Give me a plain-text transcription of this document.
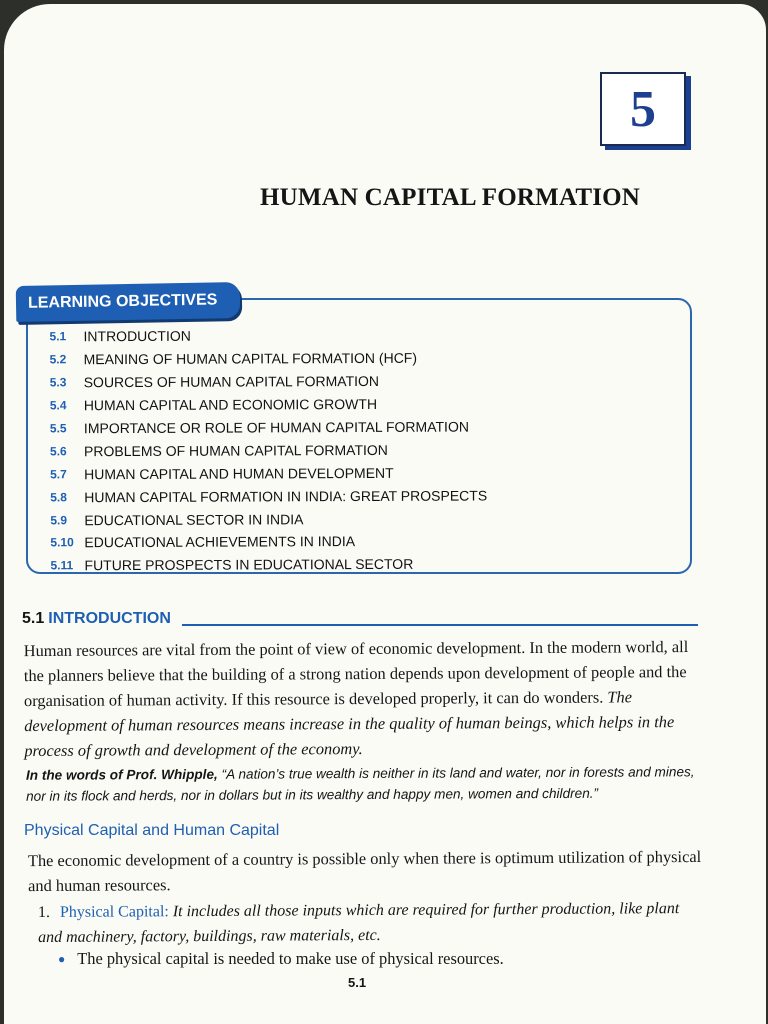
5
HUMAN CAPITAL FORMATION
LEARNING OBJECTIVES
5.1	INTRODUCTION
5.2	MEANING OF HUMAN CAPITAL FORMATION (HCF)
5.3	SOURCES OF HUMAN CAPITAL FORMATION
5.4	HUMAN CAPITAL AND ECONOMIC GROWTH
5.5	IMPORTANCE OR ROLE OF HUMAN CAPITAL FORMATION
5.6	PROBLEMS OF HUMAN CAPITAL FORMATION
5.7	HUMAN CAPITAL AND HUMAN DEVELOPMENT
5.8	HUMAN CAPITAL FORMATION IN INDIA: GREAT PROSPECTS
5.9	EDUCATIONAL SECTOR IN INDIA
5.10 EDUCATIONAL ACHIEVEMENTS IN INDIA
5.11 FUTURE PROSPECTS IN EDUCATIONAL SECTOR
5.1 INTRODUCTION

Human resources are vital from the point of view of economic development. In the modern world, all the planners believe that the building of a strong nation depends upon development of people and the organisation of human activity. If this resource is developed properly, it can do wonders. The development of human resources means increase in the quality of human beings, which helps in the process of growth and development of the economy.

In the words of Prof. Whipple, “A nation’s true wealth is neither in its land and water, nor in forests and mines, nor in its flock and herds, nor in dollars but in its wealthy and happy men, women and children.”

Physical Capital and Human Capital

The economic development of a country is possible only when there is optimum utilization of physical and human resources.

1. Physical Capital: It includes all those inputs which are required for further production, like plant and machinery, factory, buildings, raw materials, etc.

● The physical capital is needed to make use of physical resources.
5.1
